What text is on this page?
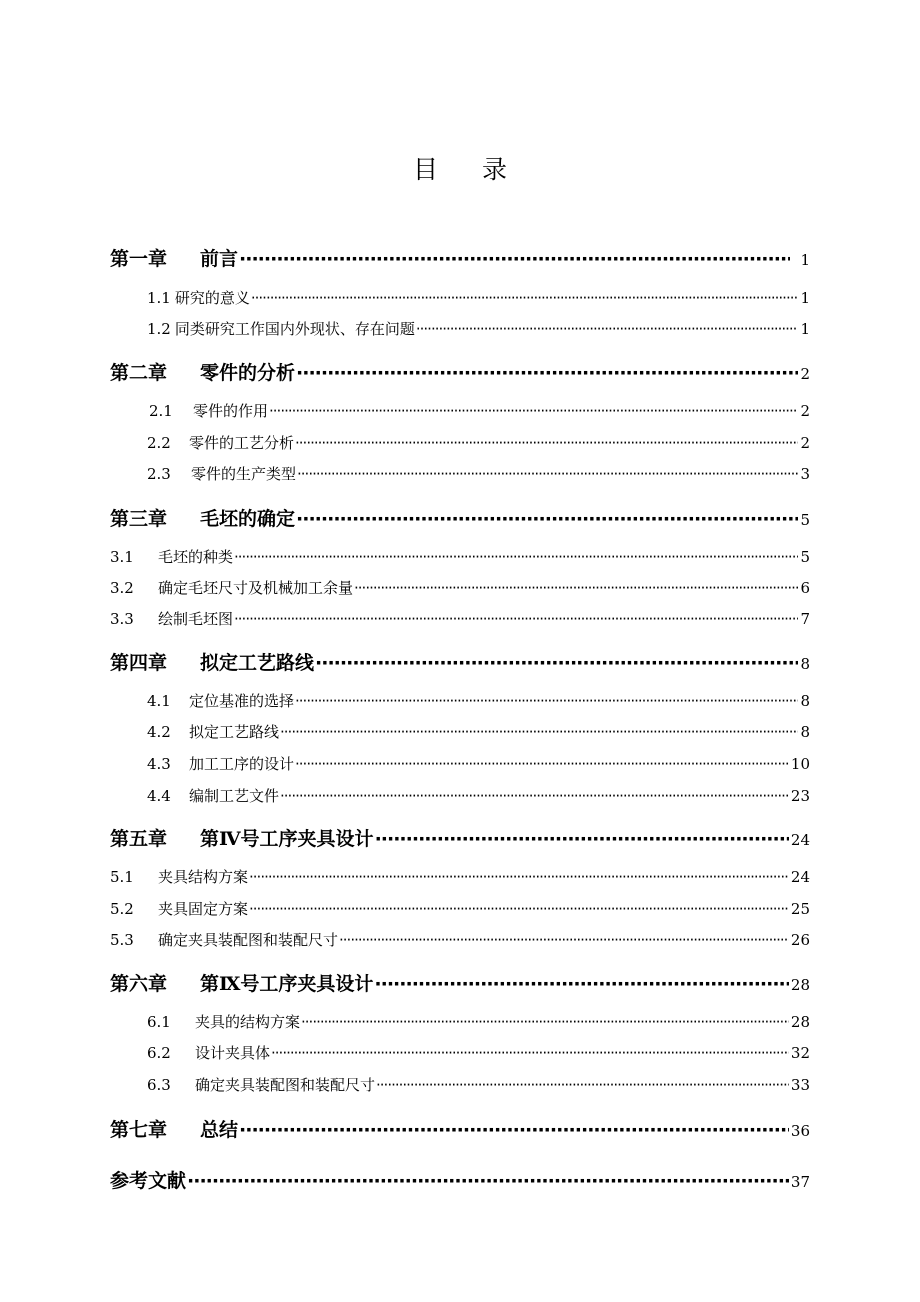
目 录
第一章 前言 ·····	1
1.1 研究的意义 ·····	1
1.2 同类研究工作国内外现状、存在问题 ·····	1
第二章 零件的分析 ·····	2
2.1 零件的作用 ·····	2
2.2 零件的工艺分析 ·····	2
2.3 零件的生产类型 ·····	3
第三章 毛坯的确定 ·····	5
3.1 毛坯的种类 ·····	5
3.2 确定毛坯尺寸及机械加工余量 ·····	6
3.3 绘制毛坯图 ·····	7
第四章 拟定工艺路线 ·····	8
4.1 定位基准的选择 ·····	8
4.2 拟定工艺路线 ·····	8
4.3 加工工序的设计 ·····	10
4.4 编制工艺文件 ·····	23
第五章 第Ⅳ号工序夹具设计 ·····	24
5.1 夹具结构方案 ·····	24
5.2 夹具固定方案 ·····	25
5.3 确定夹具装配图和装配尺寸 ·····	26
第六章 第Ⅸ号工序夹具设计 ·····	28
6.1 夹具的结构方案 ·····	28
6.2 设计夹具体 ·····	32
6.3 确定夹具装配图和装配尺寸 ·····	33
第七章 总结 ·····	36
参考文献 ·····	37
